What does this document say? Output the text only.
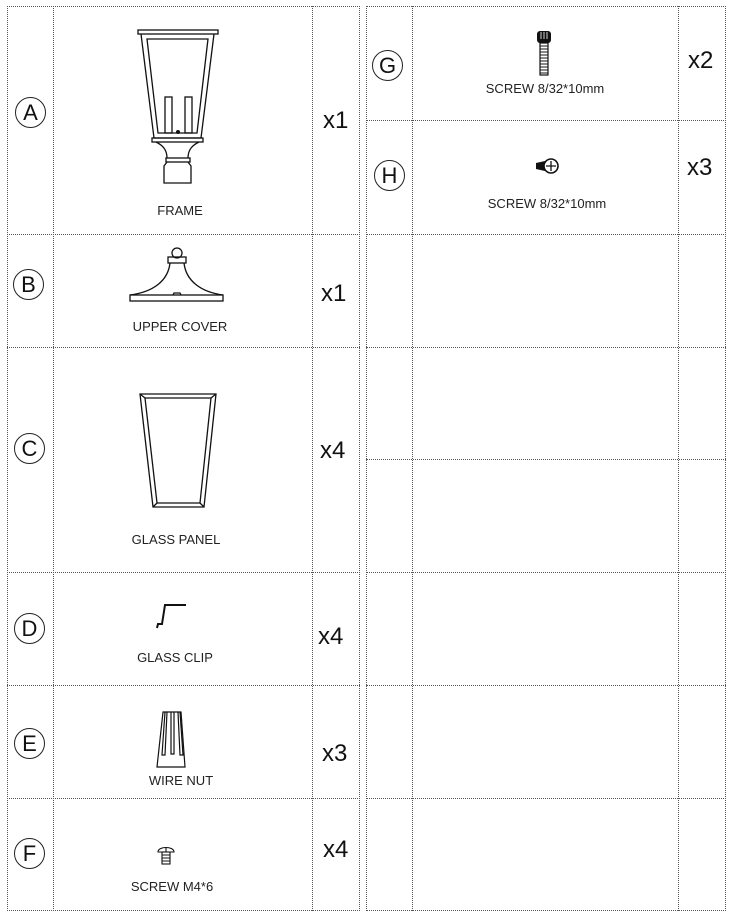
A
FRAME
x1
B
UPPER COVER
x1
C
GLASS PANEL
x4
D
GLASS CLIP
x4
E
WIRE NUT
x3
F
SCREW M4*6
x4
G
SCREW 8/32*10mm
x2
H
SCREW 8/32*10mm
x3
